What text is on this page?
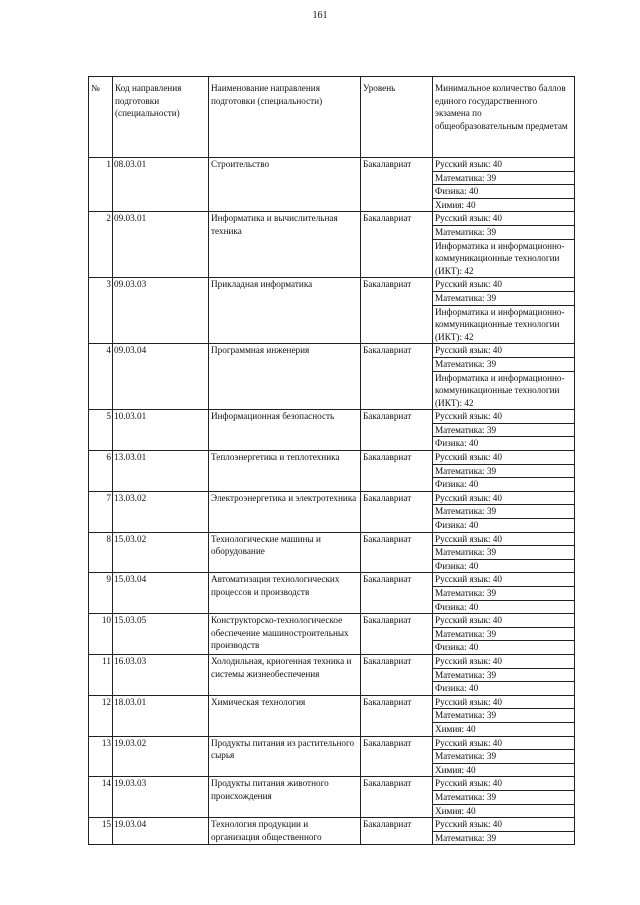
161
№	Код направления подготовки (специальности)	Наименование направления подготовки (специальности)	Уровень	Минимальное количество баллов единого государственного экзамена по общеобразовательным предметам
1	08.03.01	Строительство	Бакалавриат	Русский язык: 40
				Математика: 39
				Физика: 40
				Химия: 40
2	09.03.01	Информатика и вычислительная техника	Бакалавриат	Русский язык: 40
				Математика: 39
				Информатика и информационно-коммуникационные технологии (ИКТ): 42
3	09.03.03	Прикладная информатика	Бакалавриат	Русский язык: 40
				Математика: 39
				Информатика и информационно-коммуникационные технологии (ИКТ): 42
4	09.03.04	Программная инженерия	Бакалавриат	Русский язык: 40
				Математика: 39
				Информатика и информационно-коммуникационные технологии (ИКТ): 42
5	10.03.01	Информационная безопасность	Бакалавриат	Русский язык: 40
				Математика: 39
				Физика: 40
6	13.03.01	Теплоэнергетика и теплотехника	Бакалавриат	Русский язык: 40
				Математика: 39
				Физика: 40
7	13.03.02	Электроэнергетика и электротехника	Бакалавриат	Русский язык: 40
				Математика: 39
				Физика: 40
8	15.03.02	Технологические машины и оборудование	Бакалавриат	Русский язык: 40
				Математика: 39
				Физика: 40
9	15.03.04	Автоматизация технологических процессов и производств	Бакалавриат	Русский язык: 40
				Математика: 39
				Физика: 40
10	15.03.05	Конструкторско-технологическое обеспечение машиностроительных производств	Бакалавриат	Русский язык: 40
				Математика: 39
				Физика: 40
11	16.03.03	Холодильная, криогенная техника и системы жизнеобеспечения	Бакалавриат	Русский язык: 40
				Математика: 39
				Физика: 40
12	18.03.01	Химическая технология	Бакалавриат	Русский язык: 40
				Математика: 39
				Химия: 40
13	19.03.02	Продукты питания из растительного сырья	Бакалавриат	Русский язык: 40
				Математика: 39
				Химия: 40
14	19.03.03	Продукты питания животного происхождения	Бакалавриат	Русский язык: 40
				Математика: 39
				Химия: 40
15	19.03.04	Технология продукции и организация общественного	Бакалавриат	Русский язык: 40
				Математика: 39
